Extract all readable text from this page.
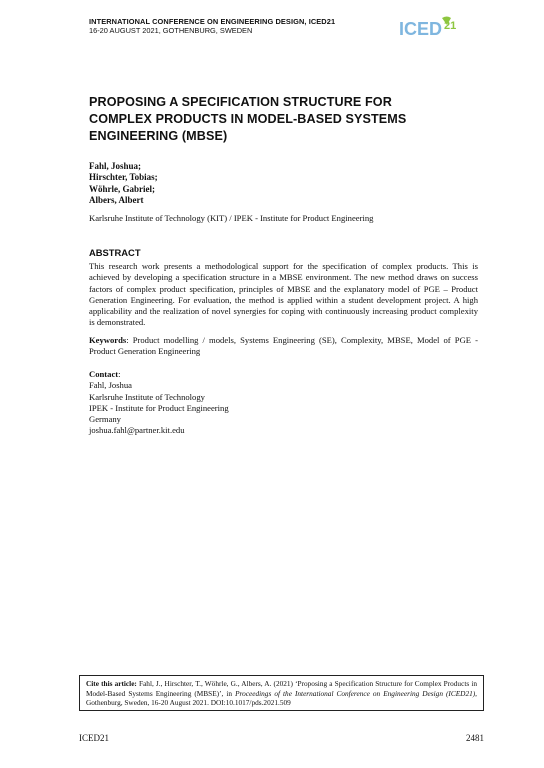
INTERNATIONAL CONFERENCE ON ENGINEERING DESIGN, ICED21
16-20 AUGUST 2021, GOTHENBURG, SWEDEN	ICED 21
PROPOSING A SPECIFICATION STRUCTURE FOR COMPLEX PRODUCTS IN MODEL-BASED SYSTEMS ENGINEERING (MBSE)
Fahl, Joshua;
Hirschter, Tobias;
Wöhrle, Gabriel;
Albers, Albert
Karlsruhe Institute of Technology (KIT) / IPEK - Institute for Product Engineering
ABSTRACT
This research work presents a methodological support for the specification of complex products. This is achieved by developing a specification structure in a MBSE environment. The new method draws on success factors of complex product specification, principles of MBSE and the explanatory model of PGE – Product Generation Engineering. For evaluation, the method is applied within a student development project. A high applicability and the realization of novel synergies for coping with continuously increasing product complexity is demonstrated.
Keywords: Product modelling / models, Systems Engineering (SE), Complexity, MBSE, Model of PGE - Product Generation Engineering
Contact:
Fahl, Joshua
Karlsruhe Institute of Technology
IPEK - Institute for Product Engineering
Germany
joshua.fahl@partner.kit.edu
Cite this article: Fahl, J., Hirschter, T., Wöhrle, G., Albers, A. (2021) ‘Proposing a Specification Structure for Complex Products in Model-Based Systems Engineering (MBSE)’, in Proceedings of the International Conference on Engineering Design (ICED21), Gothenburg, Sweden, 16-20 August 2021. DOI:10.1017/pds.2021.509
ICED21	2481
